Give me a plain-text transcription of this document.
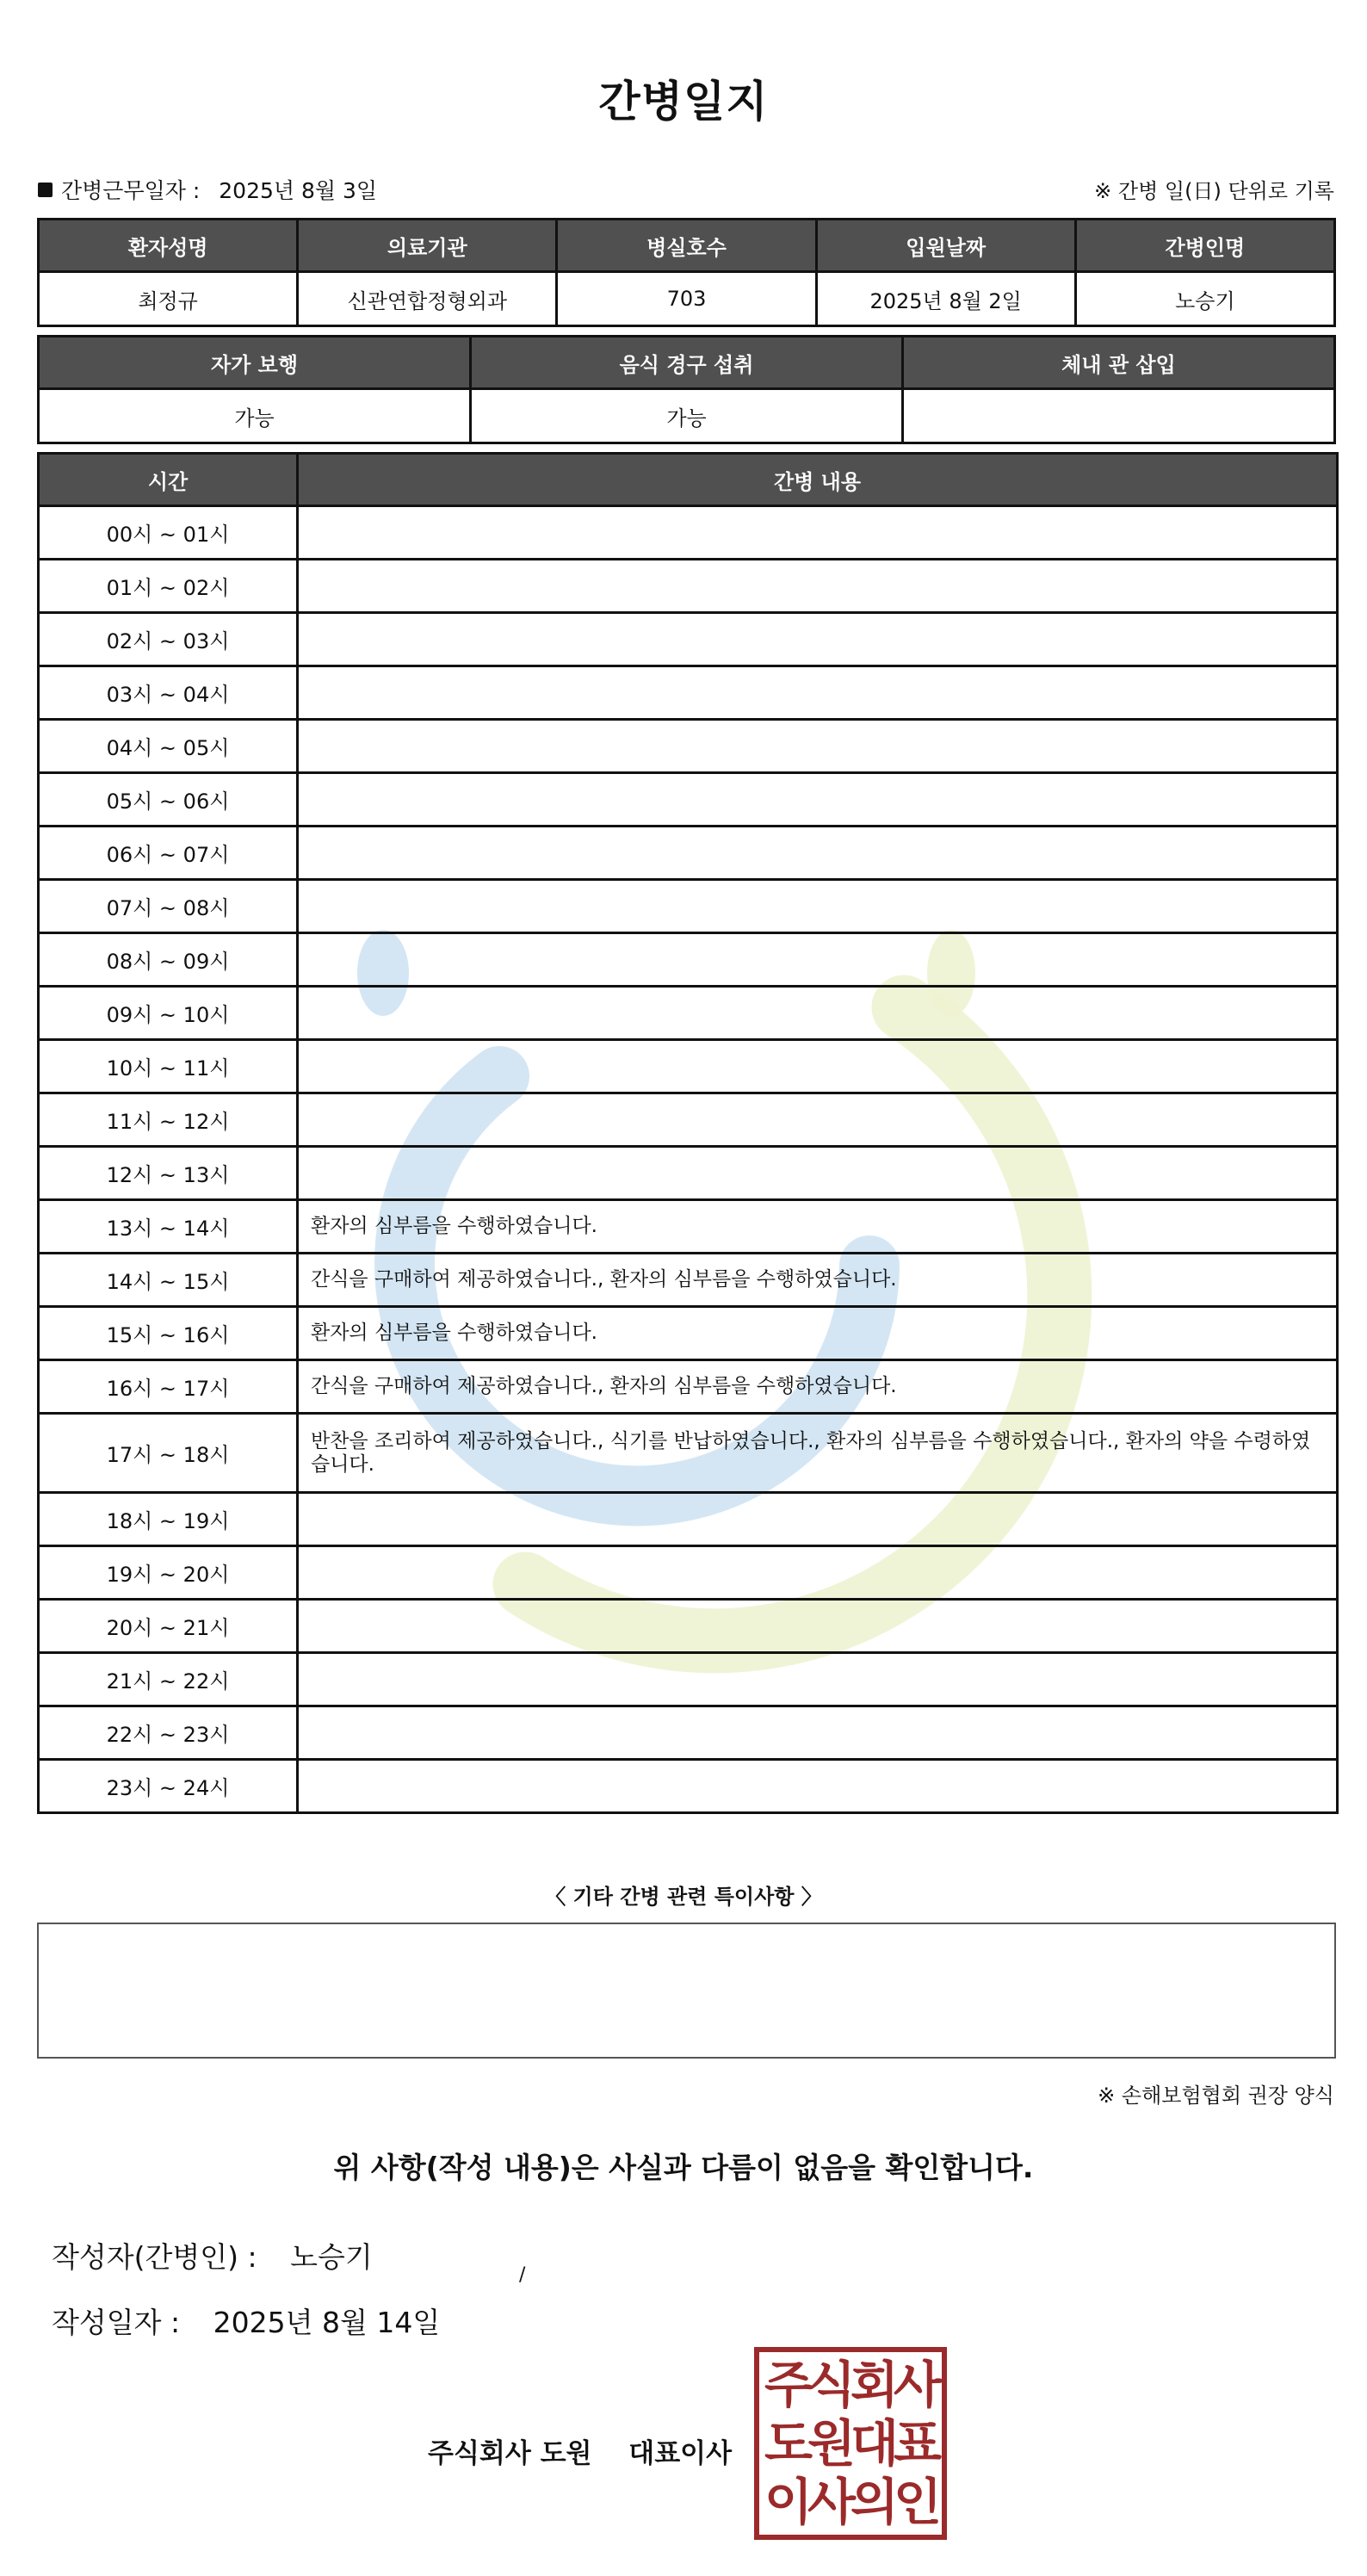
간병일지
간병근무일자 : 2025년 8월 3일	※ 간병 일(日) 단위로 기록
환자성명	의료기관	병실호수	입원날짜	간병인명
최정규	신관연합정형외과	703	2025년 8월 2일	노승기
자가 보행	음식 경구 섭취	체내 관 삽입
가능	가능	
시간	간병 내용
00시 ~ 01시	
01시 ~ 02시	
02시 ~ 03시	
03시 ~ 04시	
04시 ~ 05시	
05시 ~ 06시	
06시 ~ 07시	
07시 ~ 08시	
08시 ~ 09시	
09시 ~ 10시	
10시 ~ 11시	
11시 ~ 12시	
12시 ~ 13시	
13시 ~ 14시	환자의 심부름을 수행하였습니다.
14시 ~ 15시	간식을 구매하여 제공하였습니다., 환자의 심부름을 수행하였습니다.
15시 ~ 16시	환자의 심부름을 수행하였습니다.
16시 ~ 17시	간식을 구매하여 제공하였습니다., 환자의 심부름을 수행하였습니다.
17시 ~ 18시	반찬을 조리하여 제공하였습니다., 식기를 반납하였습니다., 환자의 심부름을 수행하였습니다., 환자의 약을 수령하였습니다.
18시 ~ 19시	
19시 ~ 20시	
20시 ~ 21시	
21시 ~ 22시	
22시 ~ 23시	
23시 ~ 24시	
〈 기타 간병 관련 특이사항 〉
※ 손해보험협회 권장 양식
위 사항(작성 내용)은 사실과 다름이 없음을 확인합니다.
작성자(간병인) : 노승기
/
작성일자 : 2025년 8월 14일
주식회사 도원 대표이사
주식회사
도원대표
이사의인
